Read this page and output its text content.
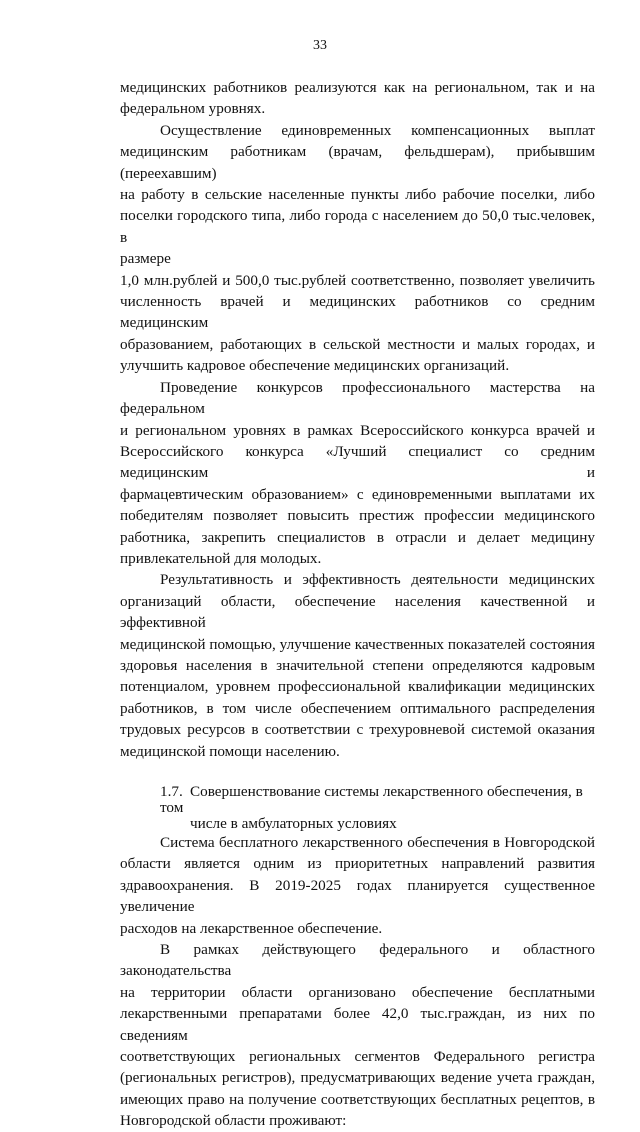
33

медицинских работников реализуются как на региональном, так и на
федеральном уровнях.

Осуществление единовременных компенсационных выплат
медицинским работникам (врачам, фельдшерам), прибывшим (переехавшим)
на работу в сельские населенные пункты либо рабочие поселки, либо
поселки городского типа, либо города с населением до 50,0 тыс.человек, в
размере
1,0 млн.рублей и 500,0 тыс.рублей соответственно, позволяет увеличить
численность врачей и медицинских работников со средним медицинским
образованием, работающих в сельской местности и малых городах, и
улучшить кадровое обеспечение медицинских организаций.

Проведение конкурсов профессионального мастерства на федеральном
и региональном уровнях в рамках Всероссийского конкурса врачей и
Всероссийского конкурса «Лучший специалист со средним медицинским и
фармацевтическим образованием» с единовременными выплатами их
победителям позволяет повысить престиж профессии медицинского
работника, закрепить специалистов в отрасли и делает медицину
привлекательной для молодых.

Результативность и эффективность деятельности медицинских
организаций области, обеспечение населения качественной и эффективной
медицинской помощью, улучшение качественных показателей состояния
здоровья населения в значительной степени определяются кадровым
потенциалом, уровнем профессиональной квалификации медицинских
работников, в том числе обеспечением оптимального распределения
трудовых ресурсов в соответствии с трехуровневой системой оказания
медицинской помощи населению.

1.7. Совершенствование системы лекарственного обеспечения, в том
числе в амбулаторных условиях

Система бесплатного лекарственного обеспечения в Новгородской
области является одним из приоритетных направлений развития
здравоохранения. В 2019-2025 годах планируется существенное увеличение
расходов на лекарственное обеспечение.

В рамках действующего федерального и областного законодательства
на территории области организовано обеспечение бесплатными
лекарственными препаратами более 42,0 тыс.граждан, из них по сведениям
соответствующих региональных сегментов Федерального регистра
(региональных регистров), предусматривающих ведение учета граждан,
имеющих право на получение соответствующих бесплатных рецептов, в
Новгородской области проживают:
